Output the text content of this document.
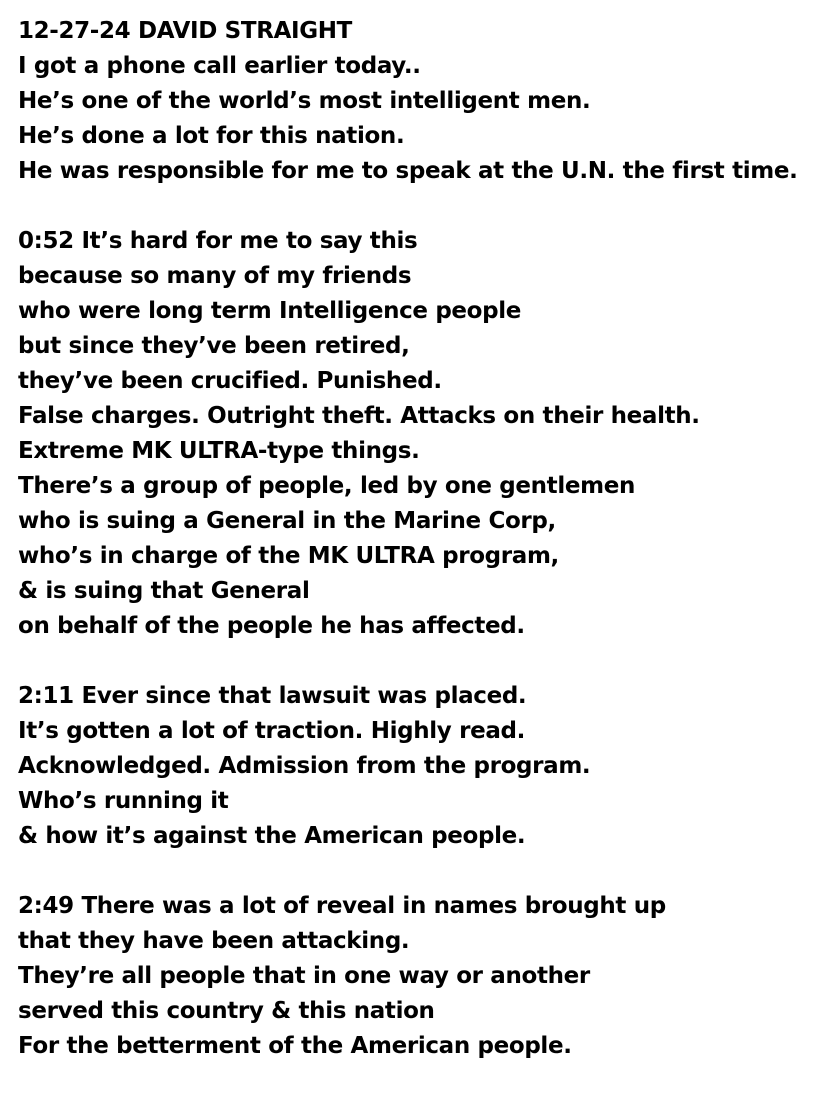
12-27-24 DAVID STRAIGHT
I got a phone call earlier today..
He’s one of the world’s most intelligent men.
He’s done a lot for this nation.
He was responsible for me to speak at the U.N. the first time.
0:52 It’s hard for me to say this
because so many of my friends
who were long term Intelligence people
but since they’ve been retired,
they’ve been crucified. Punished.
False charges. Outright theft. Attacks on their health.
Extreme MK ULTRA-type things.
There’s a group of people, led by one gentlemen
who is suing a General in the Marine Corp,
who’s in charge of the MK ULTRA program,
& is suing that General
on behalf of the people he has affected.
2:11 Ever since that lawsuit was placed.
It’s gotten a lot of traction. Highly read.
Acknowledged. Admission from the program.
Who’s running it
& how it’s against the American people.
2:49 There was a lot of reveal in names brought up
that they have been attacking.
They’re all people that in one way or another
served this country & this nation
For the betterment of the American people.
